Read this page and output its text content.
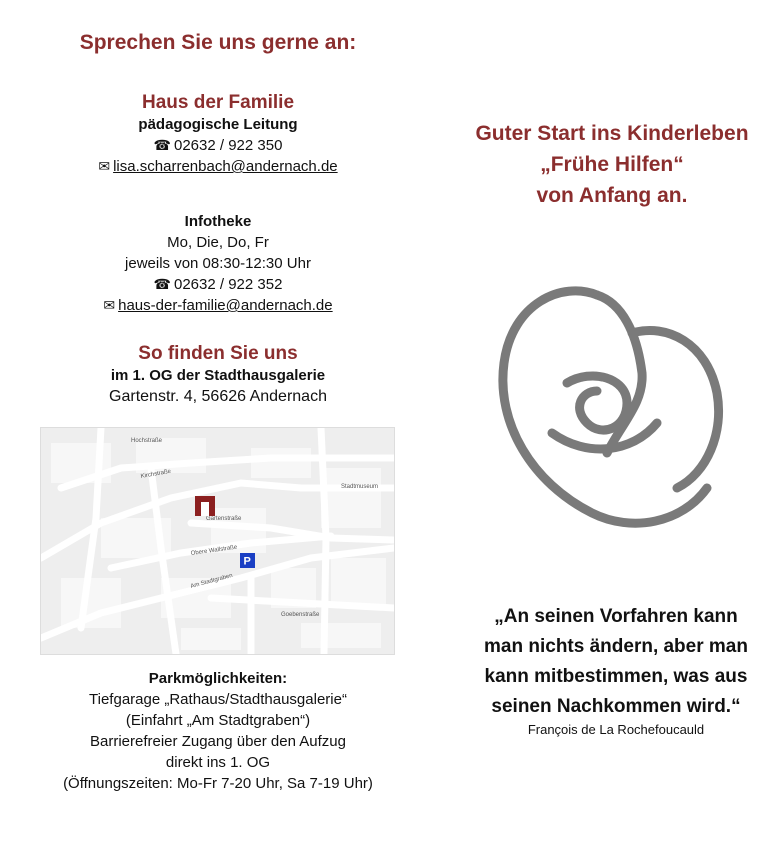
Sprechen Sie uns gerne an:

Haus der Familie

pädagogische Leitung
☎ 02632 / 922 350
✉ lisa.scharrenbach@andernach.de
Infotheke
Mo, Die, Do, Fr
jeweils von 08:30-12:30 Uhr
☎ 02632 / 922 352
✉ haus-der-familie@andernach.de

So finden Sie uns

im 1. OG der Stadthausgalerie
Gartenstr. 4, 56626 Andernach
Hochstraße
Gartenstraße
Obere Wallstraße
Am Stadtgraben
Goebenstraße
Kirchstraße
Stadtmuseum
P
Parkmöglichkeiten:
Tiefgarage „Rathaus/Stadthausgalerie“
(Einfahrt „Am Stadtgraben“)
Barrierefreier Zugang über den Aufzug
direkt ins 1. OG
(Öffnungszeiten: Mo-Fr 7-20 Uhr, Sa 7-19 Uhr)
Guter Start ins Kinderleben
„Frühe Hilfen“
von Anfang an.
„An seinen Vorfahren kann
man nichts ändern, aber man
kann mitbestimmen, was aus
seinen Nachkommen wird.“
François de La Rochefoucauld
